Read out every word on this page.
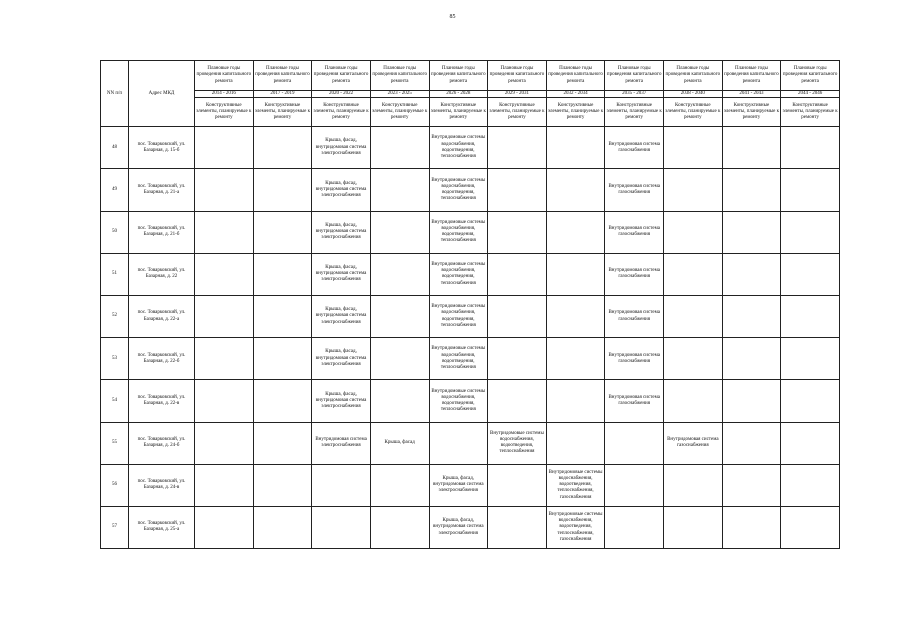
85
NN п/п	Адрес МКД	Плановые годы проведения капитального ремонта	Плановые годы проведения капитального ремонта	Плановые годы проведения капитального ремонта	Плановые годы проведения капитального ремонта	Плановые годы проведения капитального ремонта	Плановые годы проведения капитального ремонта	Плановые годы проведения капитального ремонта	Плановые годы проведения капитального ремонта	Плановые годы проведения капитального ремонта	Плановые годы проведения капитального ремонта	Плановые годы проведения капитального ремонта
		2014 - 2016	2017 - 2019	2020 - 2022	2023 - 2025	2026 - 2028	2029 - 2031	2032 - 2034	2035 - 2037	2038 - 2040	2041 - 2043	2044 - 2046
		Конструктивные элементы, планируемые к ремонту	Конструктивные элементы, планируемые к ремонту	Конструктивные элементы, планируемые к ремонту	Конструктивные элементы, планируемые к ремонту	Конструктивные элементы, планируемые к ремонту	Конструктивные элементы, планируемые к ремонту	Конструктивные элементы, планируемые к ремонту	Конструктивные элементы, планируемые к ремонту	Конструктивные элементы, планируемые к ремонту	Конструктивные элементы, планируемые к ремонту	Конструктивные элементы, планируемые к ремонту
48	пос. Товарковский, ул. Базарная, д. 15-б			Крыша, фасад, внутридомовая система электроснабжения		Внутридомовые системы водоснабжения, водоотведения, теплоснабжения			Внутридомовая система газоснабжения			
49	пос. Товарковский, ул. Базарная, д. 21-а			Крыша, фасад, внутридомовая система электроснабжения		Внутридомовые системы водоснабжения, водоотведения, теплоснабжения			Внутридомовая система газоснабжения			
50	пос. Товарковский, ул. Базарная, д. 21-б			Крыша, фасад, внутридомовая система электроснабжения		Внутридомовые системы водоснабжения, водоотведения, теплоснабжения			Внутридомовая система газоснабжения			
51	пос. Товарковский, ул. Базарная, д. 22			Крыша, фасад, внутридомовая система электроснабжения		Внутридомовые системы водоснабжения, водоотведения, теплоснабжения			Внутридомовая система газоснабжения			
52	пос. Товарковский, ул. Базарная, д. 22-а			Крыша, фасад, внутридомовая система электроснабжения		Внутридомовые системы водоснабжения, водоотведения, теплоснабжения			Внутридомовая система газоснабжения			
53	пос. Товарковский, ул. Базарная, д. 22-б			Крыша, фасад, внутридомовая система электроснабжения		Внутридомовые системы водоснабжения, водоотведения, теплоснабжения			Внутридомовая система газоснабжения			
54	пос. Товарковский, ул. Базарная, д. 22-в			Крыша, фасад, внутридомовая система электроснабжения		Внутридомовые системы водоснабжения, водоотведения, теплоснабжения			Внутридомовая система газоснабжения			
55	пос. Товарковский, ул. Базарная, д. 24-б			Внутридомовая система электроснабжения	Крыша, фасад		Внутридомовые системы водоснабжения, водоотведения, теплоснабжения			Внутридомовая система газоснабжения		
56	пос. Товарковский, ул. Базарная, д. 24-в					Крыша, фасад, внутридомовая система электроснабжения		Внутридомовые системы водоснабжения, водоотведения, теплоснабжения, газоснабжения				
57	пос. Товарковский, ул. Базарная, д. 25-а					Крыша, фасад, внутридомовая система электроснабжения		Внутридомовые системы водоснабжения, водоотведения, теплоснабжения, газоснабжения				
